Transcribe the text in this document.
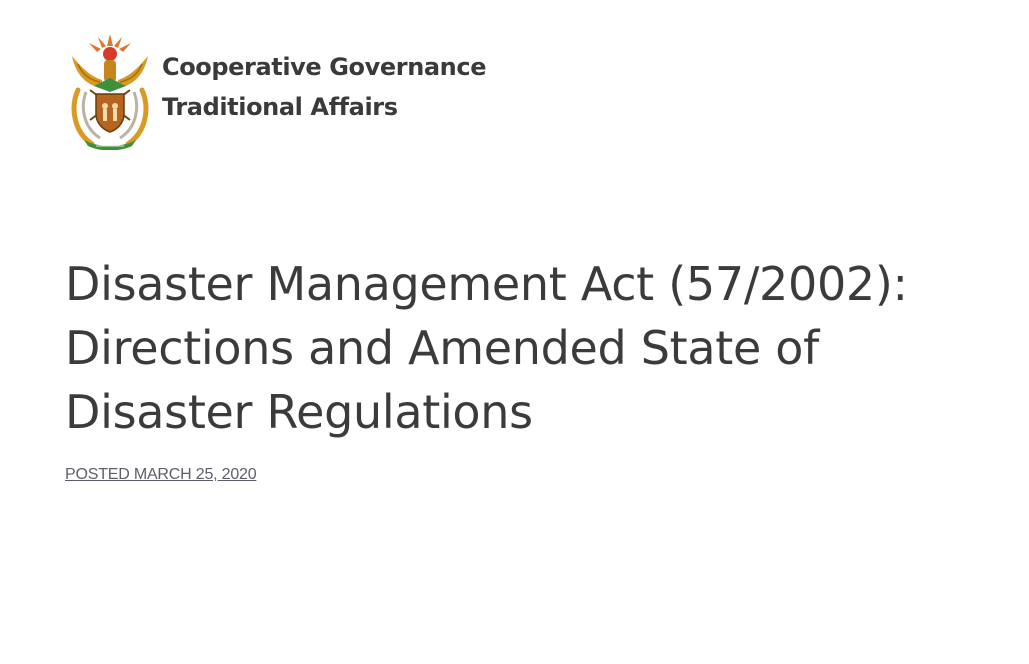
Cooperative Governance
Traditional Affairs
Disaster Management Act (57/2002):
Directions and Amended State of
Disaster Regulations
POSTED MARCH 25, 2020
